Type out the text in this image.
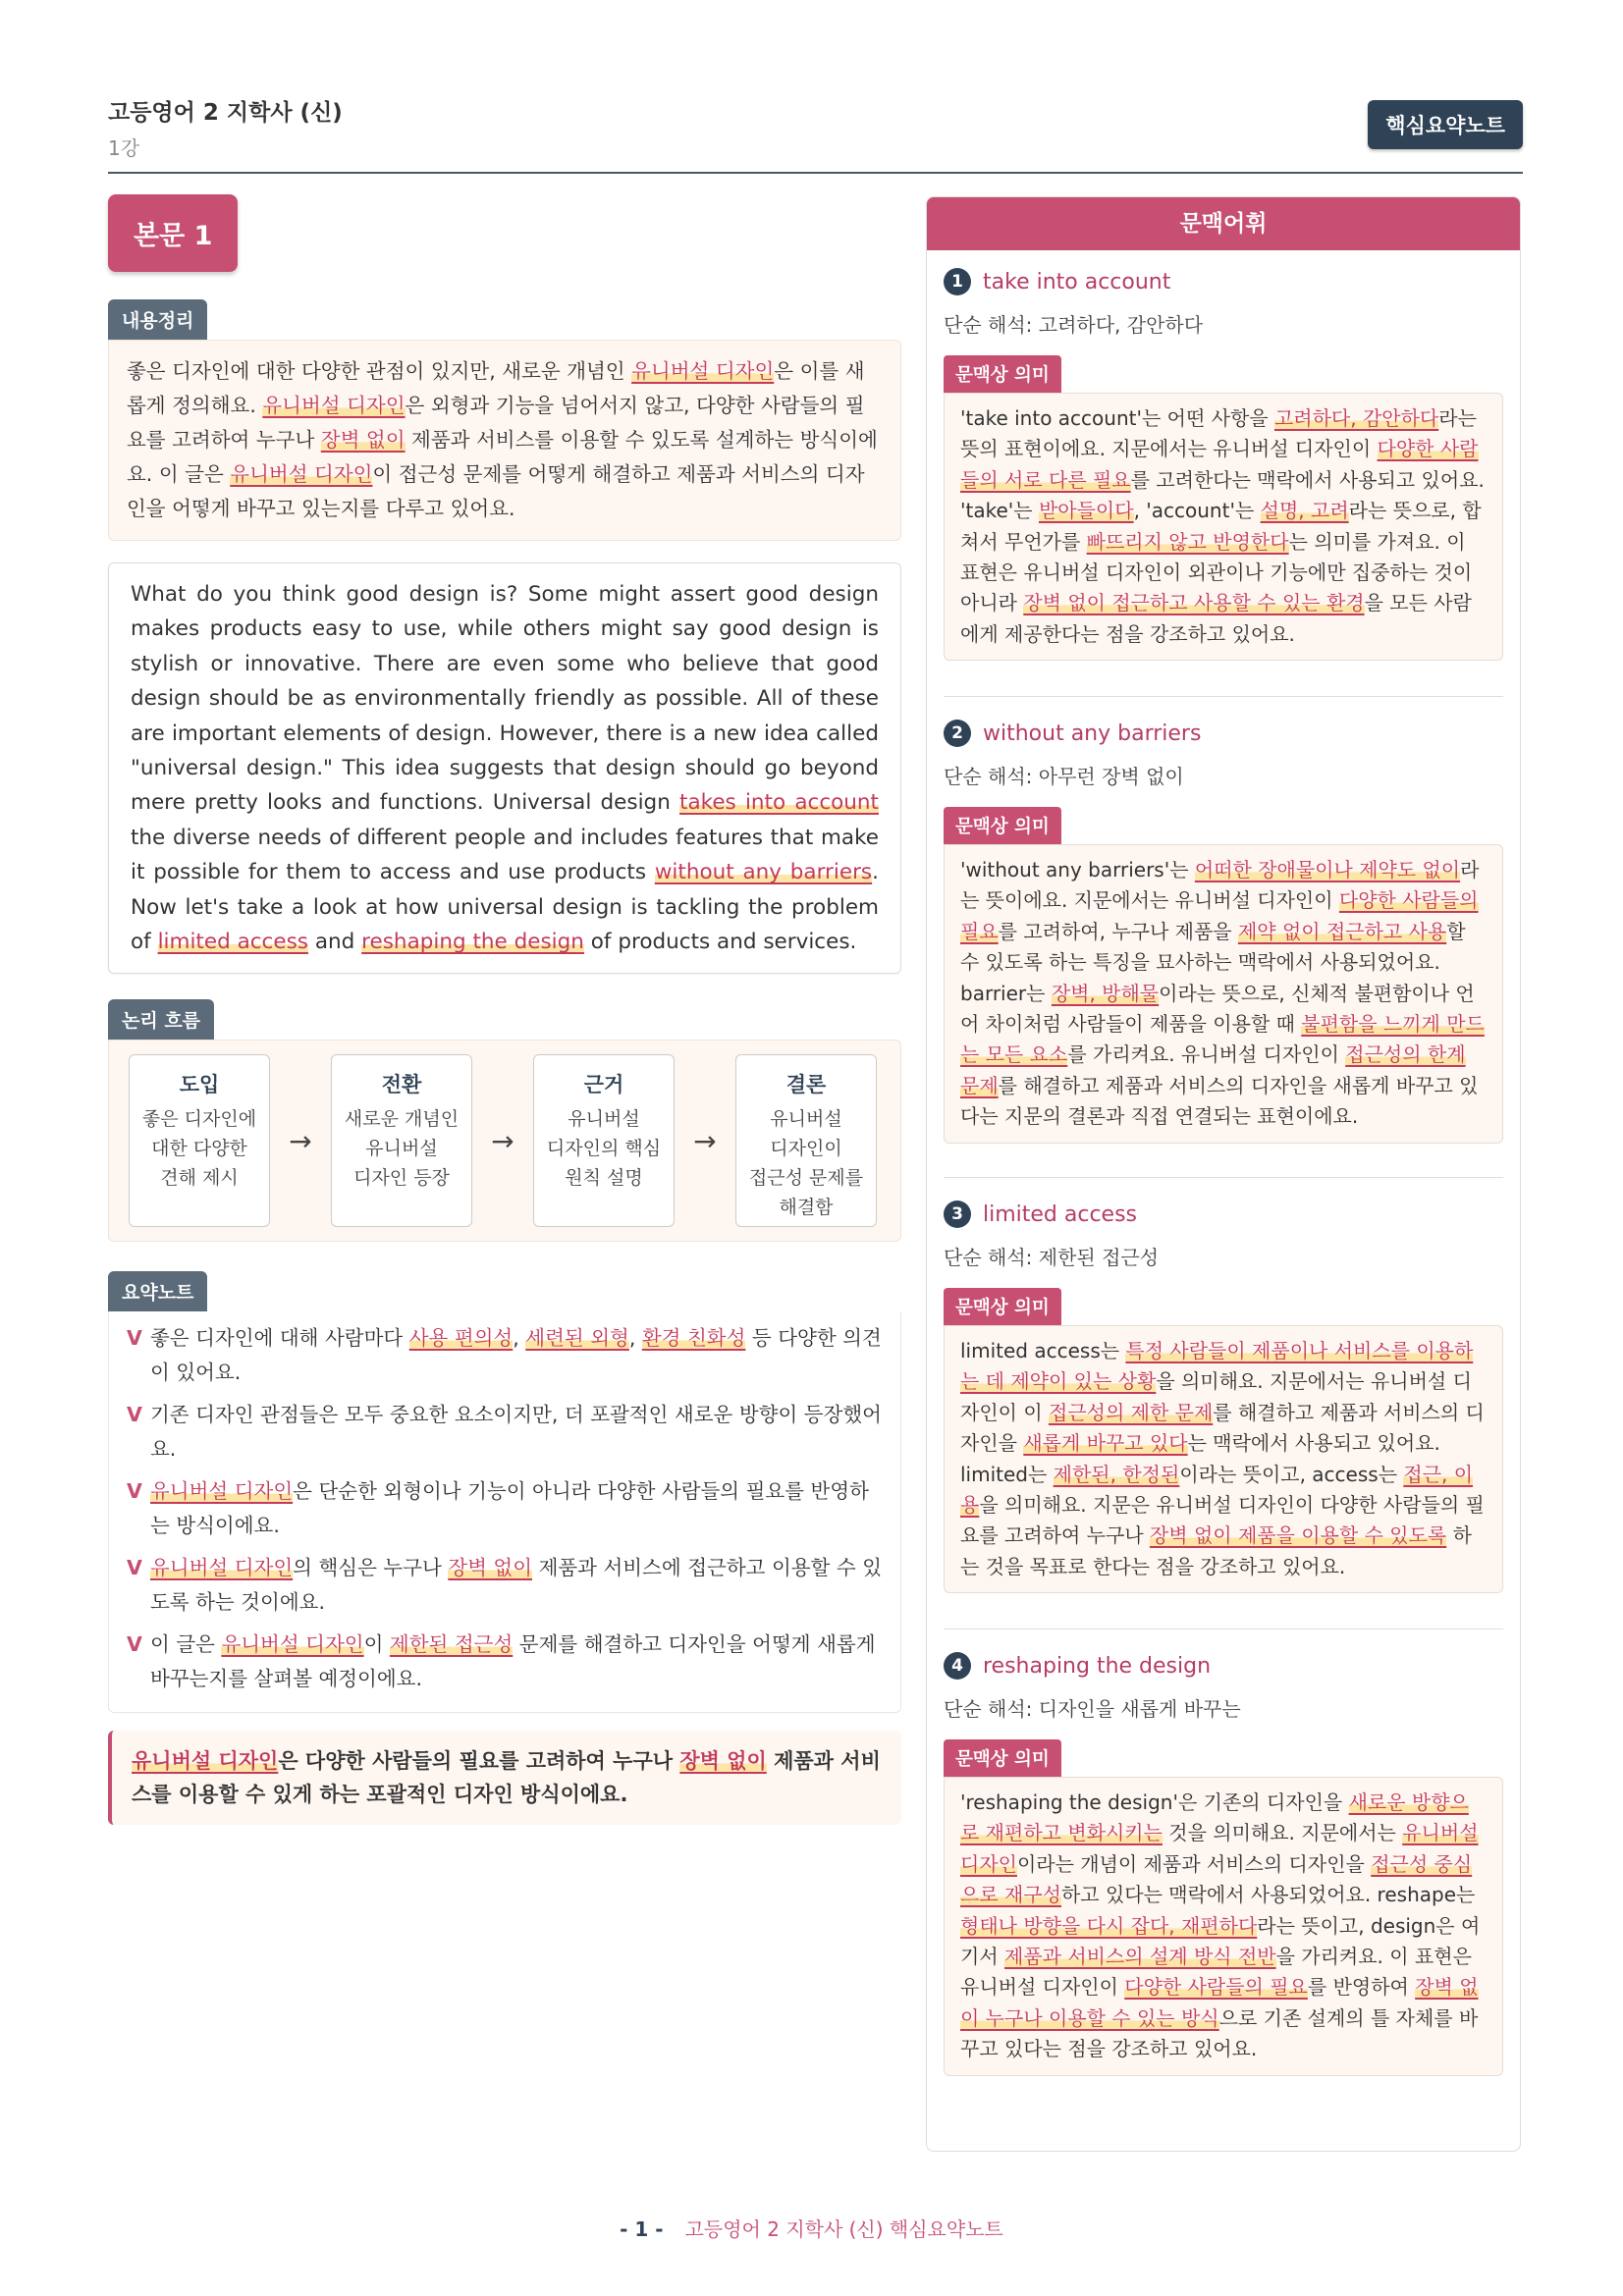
고등영어 2 지학사 (신)
1강
핵심요약노트
본문 1
내용정리
좋은 디자인에 대한 다양한 관점이 있지만, 새로운 개념인 유니버설 디자인은 이를 새롭게 정의해요. 유니버설 디자인은 외형과 기능을 넘어서지 않고, 다양한 사람들의 필요를 고려하여 누구나 장벽 없이 제품과 서비스를 이용할 수 있도록 설계하는 방식이에요. 이 글은 유니버설 디자인이 접근성 문제를 어떻게 해결하고 제품과 서비스의 디자인을 어떻게 바꾸고 있는지를 다루고 있어요.
What do you think good design is? Some might assert good design makes products easy to use, while others might say good design is stylish or innovative. There are even some who believe that good design should be as environmentally friendly as possible. All of these are important elements of design. However, there is a new idea called "universal design." This idea suggests that design should go beyond mere pretty looks and functions. Universal design takes into account the diverse needs of different people and includes features that make it possible for them to access and use products without any barriers. Now let's take a look at how universal design is tackling the problem of limited access and reshaping the design of products and services.
논리 흐름
도입
좋은 디자인에
대한 다양한
견해 제시
→
전환
새로운 개념인
유니버설
디자인 등장
→
근거
유니버설
디자인의 핵심
원칙 설명
→
결론
유니버설
디자인이
접근성 문제를
해결함
요약노트
V 좋은 디자인에 대해 사람마다 사용 편의성, 세련된 외형, 환경 친화성 등 다양한 의견이 있어요.
V 기존 디자인 관점들은 모두 중요한 요소이지만, 더 포괄적인 새로운 방향이 등장했어요.
V 유니버설 디자인은 단순한 외형이나 기능이 아니라 다양한 사람들의 필요를 반영하는 방식이에요.
V 유니버설 디자인의 핵심은 누구나 장벽 없이 제품과 서비스에 접근하고 이용할 수 있도록 하는 것이에요.
V 이 글은 유니버설 디자인이 제한된 접근성 문제를 해결하고 디자인을 어떻게 새롭게 바꾸는지를 살펴볼 예정이에요.
유니버설 디자인은 다양한 사람들의 필요를 고려하여 누구나 장벽 없이 제품과 서비스를 이용할 수 있게 하는 포괄적인 디자인 방식이에요.
문맥어휘
1 take into account
단순 해석: 고려하다, 감안하다
문맥상 의미
'take into account'는 어떤 사항을 고려하다, 감안하다라는 뜻의 표현이에요. 지문에서는 유니버설 디자인이 다양한 사람들의 서로 다른 필요를 고려한다는 맥락에서 사용되고 있어요. 'take'는 받아들이다, 'account'는 설명, 고려라는 뜻으로, 합쳐서 무언가를 빠뜨리지 않고 반영한다는 의미를 가져요. 이 표현은 유니버설 디자인이 외관이나 기능에만 집중하는 것이 아니라 장벽 없이 접근하고 사용할 수 있는 환경을 모든 사람에게 제공한다는 점을 강조하고 있어요.
2 without any barriers
단순 해석: 아무런 장벽 없이
문맥상 의미
'without any barriers'는 어떠한 장애물이나 제약도 없이라는 뜻이에요. 지문에서는 유니버설 디자인이 다양한 사람들의 필요를 고려하여, 누구나 제품을 제약 없이 접근하고 사용할 수 있도록 하는 특징을 묘사하는 맥락에서 사용되었어요. barrier는 장벽, 방해물이라는 뜻으로, 신체적 불편함이나 언어 차이처럼 사람들이 제품을 이용할 때 불편함을 느끼게 만드는 모든 요소를 가리켜요. 유니버설 디자인이 접근성의 한계 문제를 해결하고 제품과 서비스의 디자인을 새롭게 바꾸고 있다는 지문의 결론과 직접 연결되는 표현이에요.
3 limited access
단순 해석: 제한된 접근성
문맥상 의미
limited access는 특정 사람들이 제품이나 서비스를 이용하는 데 제약이 있는 상황을 의미해요. 지문에서는 유니버설 디자인이 이 접근성의 제한 문제를 해결하고 제품과 서비스의 디자인을 새롭게 바꾸고 있다는 맥락에서 사용되고 있어요. limited는 제한된, 한정된이라는 뜻이고, access는 접근, 이용을 의미해요. 지문은 유니버설 디자인이 다양한 사람들의 필요를 고려하여 누구나 장벽 없이 제품을 이용할 수 있도록 하는 것을 목표로 한다는 점을 강조하고 있어요.
4 reshaping the design
단순 해석: 디자인을 새롭게 바꾸는
문맥상 의미
'reshaping the design'은 기존의 디자인을 새로운 방향으로 재편하고 변화시키는 것을 의미해요. 지문에서는 유니버설 디자인이라는 개념이 제품과 서비스의 디자인을 접근성 중심으로 재구성하고 있다는 맥락에서 사용되었어요. reshape는 형태나 방향을 다시 잡다, 재편하다라는 뜻이고, design은 여기서 제품과 서비스의 설계 방식 전반을 가리켜요. 이 표현은 유니버설 디자인이 다양한 사람들의 필요를 반영하여 장벽 없이 누구나 이용할 수 있는 방식으로 기존 설계의 틀 자체를 바꾸고 있다는 점을 강조하고 있어요.
- 1 - 고등영어 2 지학사 (신) 핵심요약노트
